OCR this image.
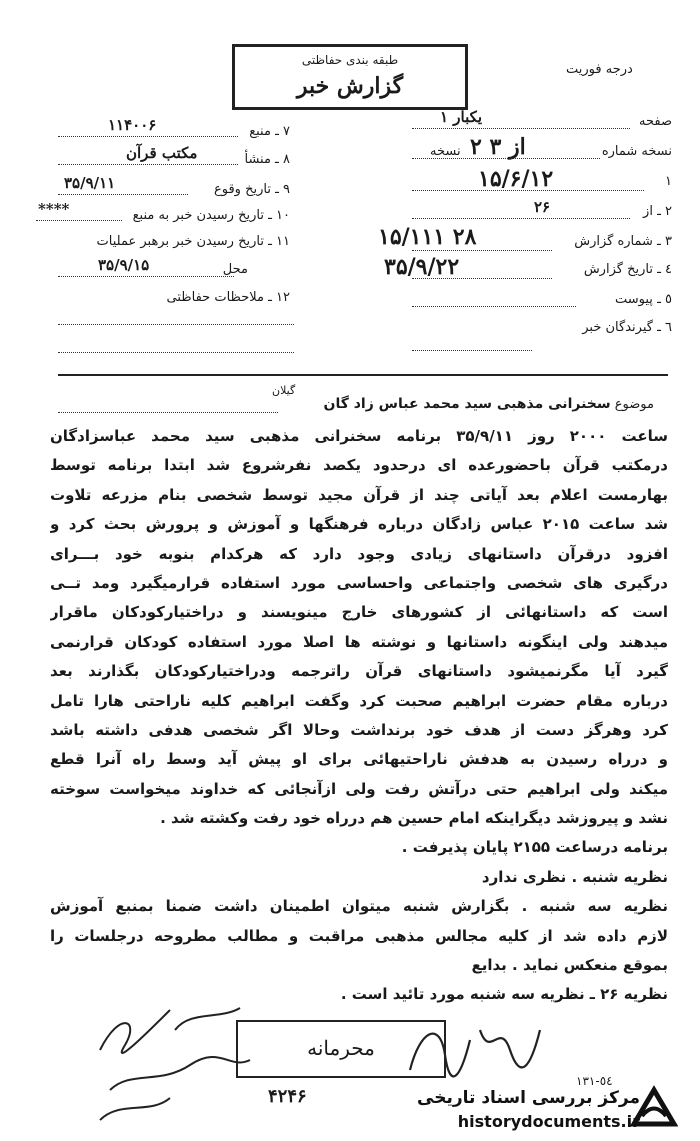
طبقه بندی حفاظتی
گزارش خبر
درجه فوریت
صفحه
یکبار ۱
نسخه شماره
نسخه ۲ از ۳
۱
۱۵/۶/۱۲
۲ ـ از
۲۶
۳ ـ شماره گزارش
۱۵/۱۱۱ ۲۸
٤ ـ تاريخ گزارش
۳۵/۹/۲۲
٥ ـ پیوست
٦ ـ گیرندگان خبر
۷ ـ منبع
۱۱۴۰۰۶
۸ ـ منشأ
مکتب قرآن
۹ ـ تاریخ وقوع
۳۵/۹/۱۱
۱۰ ـ تاریخ رسیدن خبر به منبع
****
۱۱ ـ تاریخ رسیدن خبر برهبر عملیات
محل
۳۵/۹/۱۵
۱۲ ـ ملاحظات حفاظتی
موضوع سخنرانی مذهبی سید محمد عباس زاد گان
گیلان
ساعت ۲۰۰۰ روز ۳۵/۹/۱۱ برنامه سخنرانی مذهبی سید محمد عباسزادگان
درمکتب قرآن باحضورعده ای درحدود یکصد نفرشروع شد ابتدا برنامه توسط
بهارمست اعلام بعد آیاتی چند از قرآن مجید توسط شخصی بنام مزرعه تلاوت
شد ساعت ۲۰۱۵ عباس زادگان درباره فرهنگها و آموزش و پرورش بحث کرد و
افزود درقرآن داستانهای زیادی وجود دارد که هرکدام بنوبه خود بـــرای
درگیری های شخصی واجتماعی واحساسی مورد استفاده قرارمیگیرد ومد تــی
است که داستانهائی از کشورهای خارج مینویسند و دراختیارکودکان ماقرار
میدهند ولی اینگونه داستانها و نوشته ها اصلا مورد استفاده کودکان قرارنمی
گیرد آیا مگرنمیشود داستانهای قرآن راترجمه ودراختیارکودکان بگذارند بعد
درباره مقام حضرت ابراهیم صحبت کرد وگفت ابراهیم کلیه ناراحتی هارا تامل
کرد وهرگز دست از هدف خود برنداشت وحالا اگر شخصی هدفی داشته باشد
و درراه رسیدن به هدفش ناراحتیهائی برای او پیش آید وسط راه آنرا قطع
میکند ولی ابراهیم حتی درآتش رفت ولی ازآنجائی که خداوند میخواست سوخته
نشد و پیروزشد دیگراینکه امام حسین هم درراه خود رفت وکشته شد .
برنامه درساعت ۲۱۵۵ پایان پذیرفت .
نظریه شنبه . نظری ندارد
نظریه سه شنبه . بگزارش شنبه میتوان اطمینان داشت ضمنا بمنبع آموزش
لازم داده شد از کلیه مجالس مذهبی مراقبت و مطالب مطروحه درجلسات را
بموقع منعکس نماید . بدایع
نظریه ۲۶ ـ نظریه سه شنبه مورد تائید است .
محرمانه
۴۲۴۶
٥٤-١٣١
مرکز بررسی اسناد تاریخی
historydocuments.ir
